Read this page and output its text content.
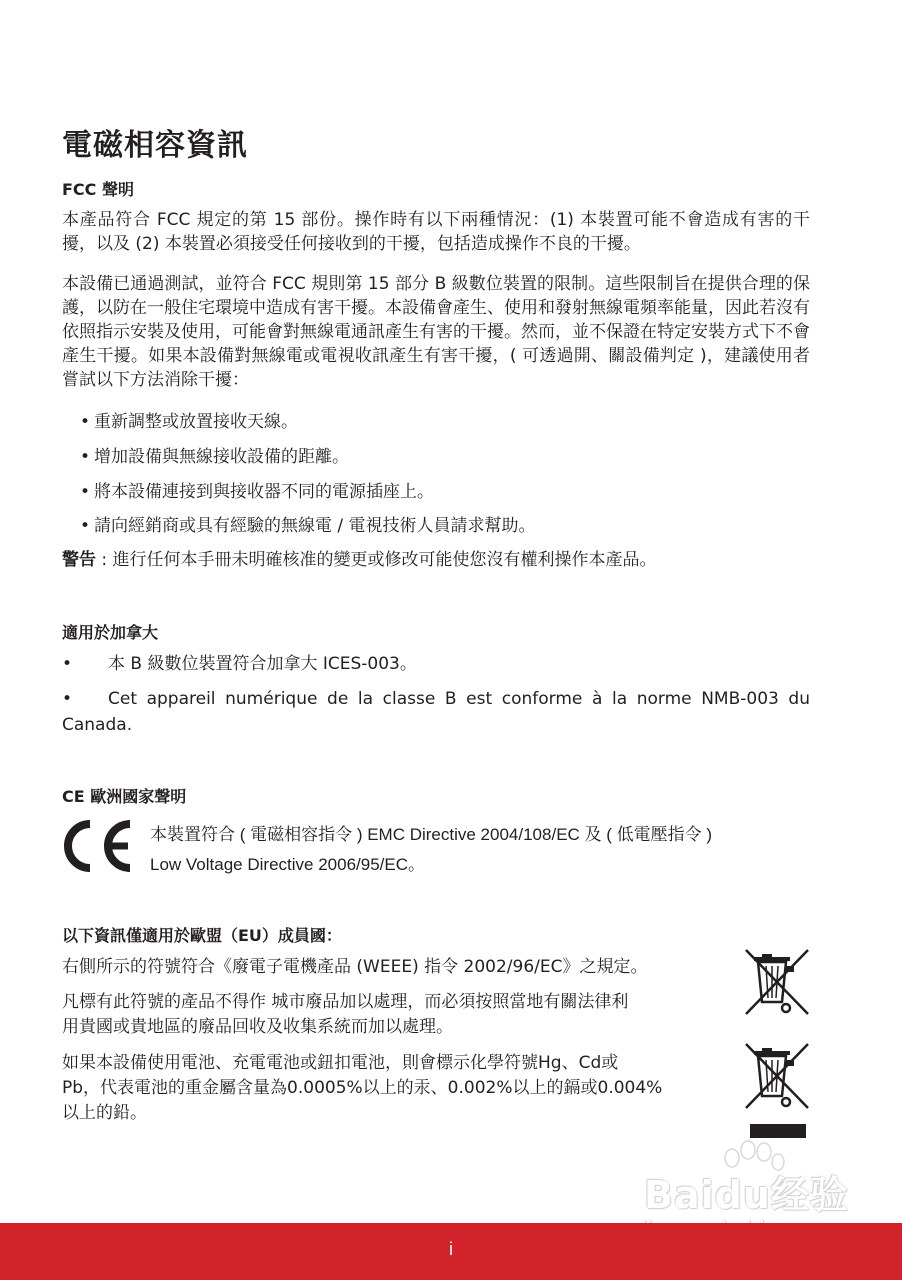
電磁相容資訊
FCC 聲明

本產品符合 FCC 規定的第 15 部份。操作時有以下兩種情況：(1) 本裝置可能不會造成有害的干擾，以及 (2) 本裝置必須接受任何接收到的干擾，包括造成操作不良的干擾。

本設備已通過測試，並符合 FCC 規則第 15 部分 B 級數位裝置的限制。這些限制旨在提供合理的保護，以防在一般住宅環境中造成有害干擾。本設備會產生、使用和發射無線電頻率能量，因此若沒有依照指示安裝及使用，可能會對無線電通訊產生有害的干擾。然而，並不保證在特定安裝方式下不會產生干擾。如果本設備對無線電或電視收訊產生有害干擾，( 可透過開、關設備判定 )，建議使用者嘗試以下方法消除干擾：

• 重新調整或放置接收天線。

• 增加設備與無線接收設備的距離。

• 將本設備連接到與接收器不同的電源插座上。

• 請向經銷商或具有經驗的無線電 / 電視技術人員請求幫助。

警告 : 進行任何本手冊未明確核准的變更或修改可能使您沒有權利操作本產品。

適用於加拿大

• 本 B 級數位裝置符合加拿大 ICES-003。

• Cet appareil numérique de la classe B est conforme à la norme NMB-003 du Canada.

CE 歐洲國家聲明
本裝置符合 ( 電磁相容指令 ) EMC Directive 2004/108/EC 及 ( 低電壓指令 )
Low Voltage Directive 2006/95/EC。
以下資訊僅適用於歐盟（EU）成員國：

右側所示的符號符合《廢電子電機產品 (WEEE) 指令 2002/96/EC》之規定。

凡標有此符號的產品不得作 城市廢品加以處理，而必須按照當地有關法律利
用貴國或貴地區的廢品回收及收集系統而加以處理。
如果本設備使用電池、充電電池或鈕扣電池，則會標示化學符號Hg、Cd或
Pb，代表電池的重金屬含量為0.0005%以上的汞、0.002%以上的鎘或0.004%
以上的鉛。
Baidu经验
i
